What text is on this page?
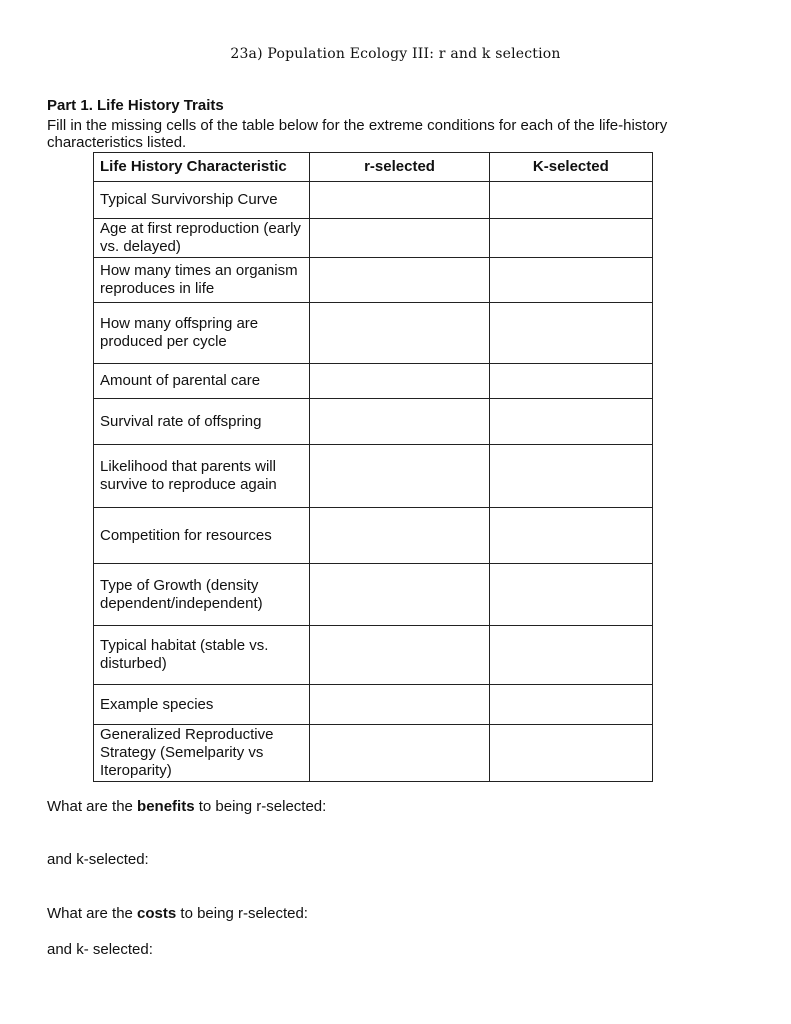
23a) Population Ecology III: r and k selection
Part 1. Life History Traits
Fill in the missing cells of the table below for the extreme conditions for each of the life-history characteristics listed.
Life History Characteristic	r-selected	K-selected
Typical Survivorship Curve		
Age at first reproduction (early vs. delayed)		
How many times an organism reproduces in life		
How many offspring are produced per cycle		
Amount of parental care		
Survival rate of offspring		
Likelihood that parents will survive to reproduce again		
Competition for resources		
Type of Growth (density dependent/independent)		
Typical habitat (stable vs. disturbed)		
Example species		
Generalized Reproductive Strategy (Semelparity vs Iteroparity)		
What are the benefits to being r-selected:
and k-selected:
What are the costs to being r-selected:
and k- selected:
